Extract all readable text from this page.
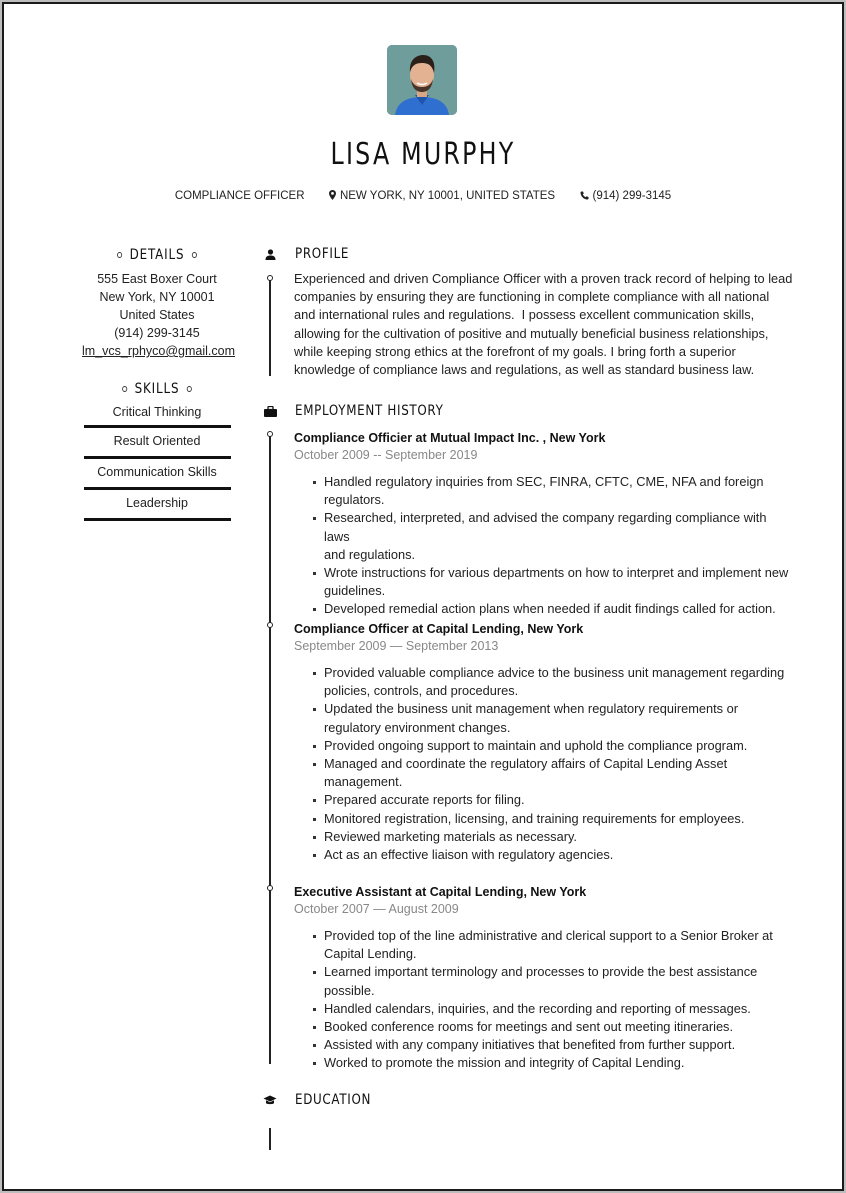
LISA MURPHY
COMPLIANCE OFFICER	NEW YORK, NY 10001, UNITED STATES	(914) 299-3145
DETAILS
555 East Boxer Court
New York, NY 10001
United States
(914) 299-3145
lm_vcs_rphyco@gmail.com
SKILLS
Critical Thinking
Result Oriented
Communication Skills
Leadership
PROFILE
Experienced and driven Compliance Officer with a proven track record of helping to lead
companies by ensuring they are functioning in complete compliance with all national
and international rules and regulations.  I possess excellent communication skills,
allowing for the cultivation of positive and mutually beneficial business relationships,
while keeping strong ethics at the forefront of my goals. I bring forth a superior
knowledge of compliance laws and regulations, as well as standard business law.
EMPLOYMENT HISTORY
Compliance Officier at Mutual Impact Inc. , New York
October 2009 -- September 2019
Handled regulatory inquiries from SEC, FINRA, CFTC, CME, NFA and foreign
regulators.
Researched, interpreted, and advised the company regarding compliance with laws
and regulations.
Wrote instructions for various departments on how to interpret and implement new
guidelines.
Developed remedial action plans when needed if audit findings called for action.
Compliance Officer at Capital Lending, New York
September 2009 — September 2013
Provided valuable compliance advice to the business unit management regarding
policies, controls, and procedures.
Updated the business unit management when regulatory requirements or
regulatory environment changes.
Provided ongoing support to maintain and uphold the compliance program.
Managed and coordinate the regulatory affairs of Capital Lending Asset
management.
Prepared accurate reports for filing.
Monitored registration, licensing, and training requirements for employees.
Reviewed marketing materials as necessary.
Act as an effective liaison with regulatory agencies.
Executive Assistant at Capital Lending, New York
October 2007 — August 2009
Provided top of the line administrative and clerical support to a Senior Broker at
Capital Lending.
Learned important terminology and processes to provide the best assistance
possible.
Handled calendars, inquiries, and the recording and reporting of messages.
Booked conference rooms for meetings and sent out meeting itineraries.
Assisted with any company initiatives that benefited from further support.
Worked to promote the mission and integrity of Capital Lending.
EDUCATION
